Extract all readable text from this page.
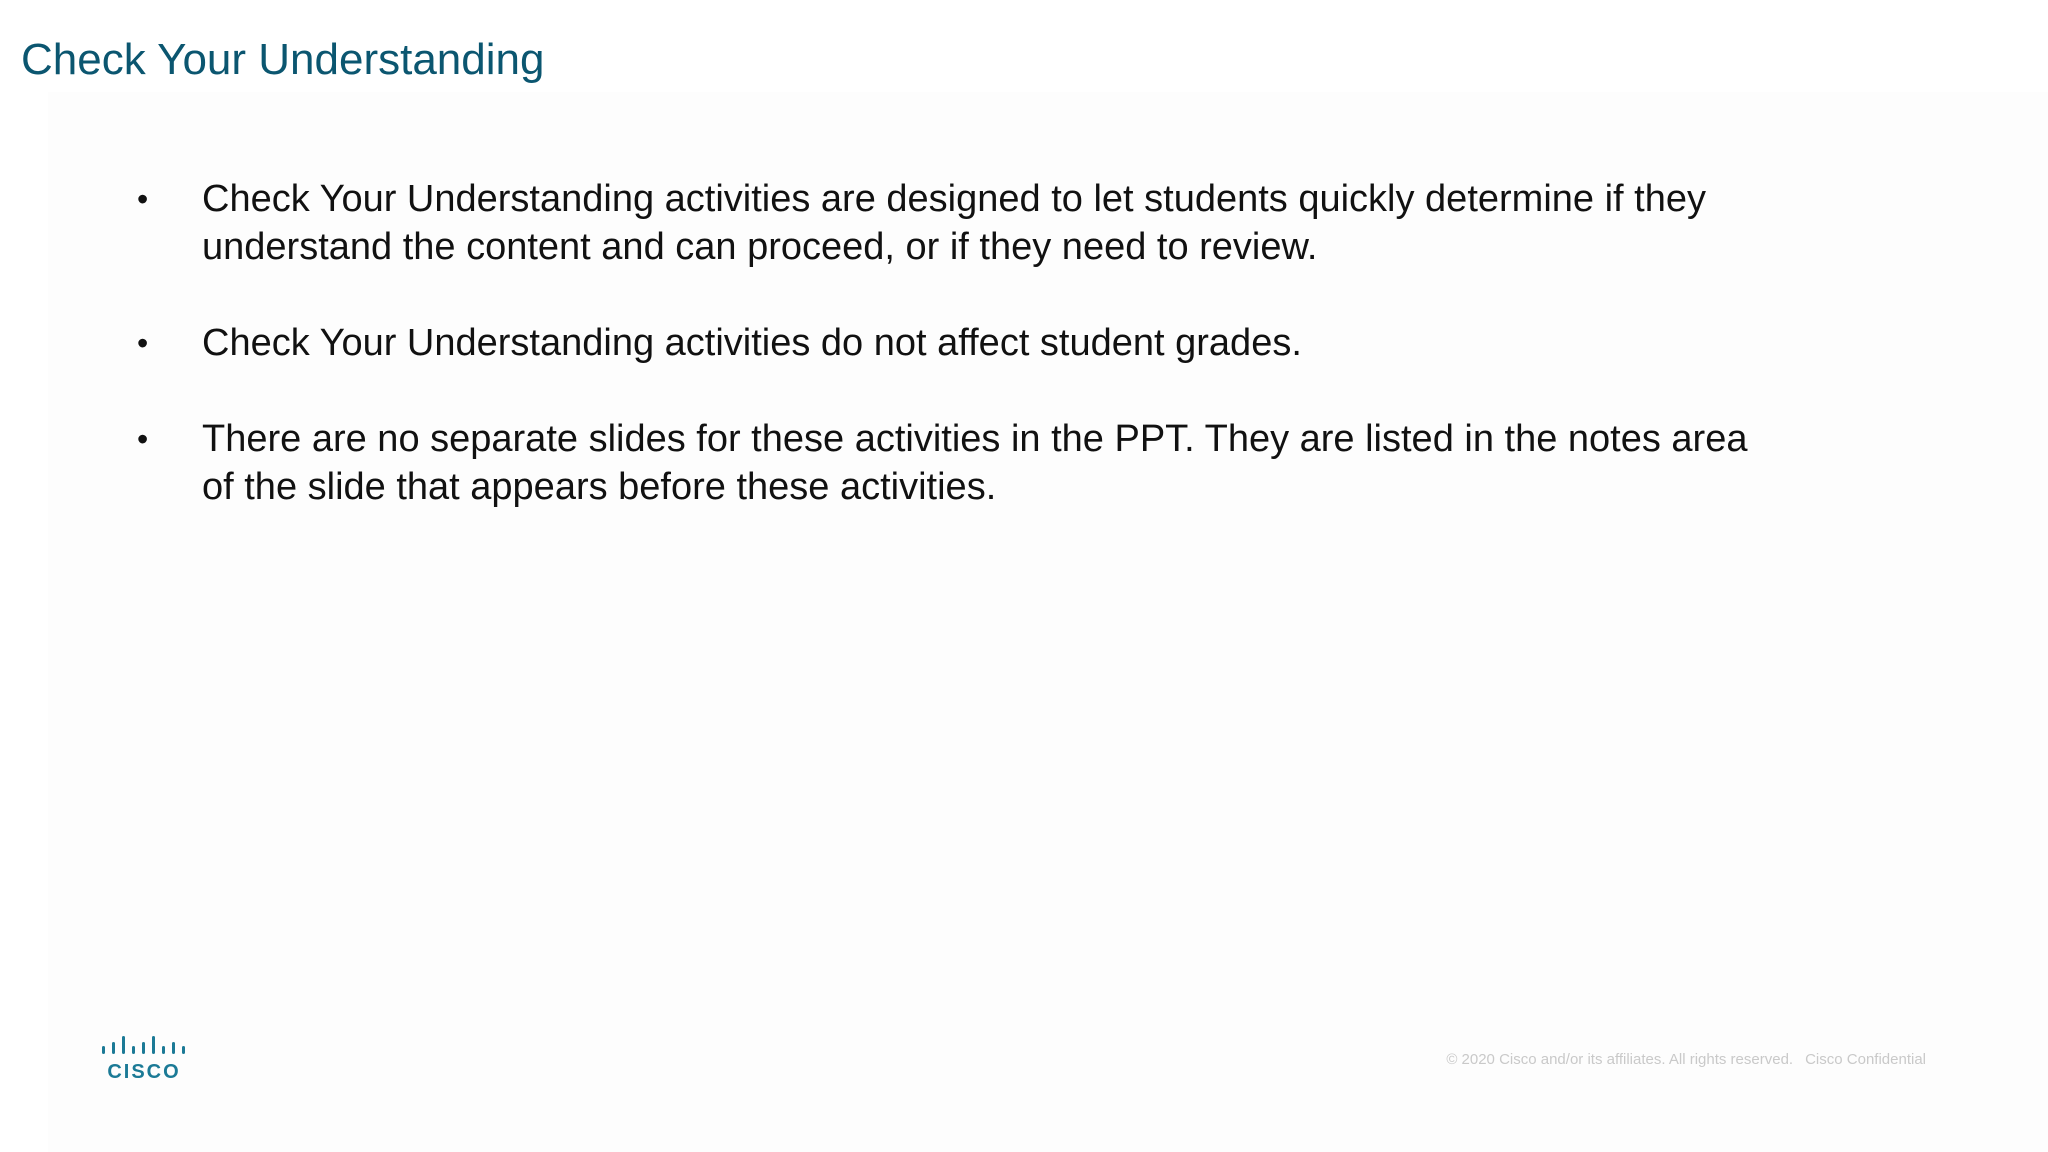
Check Your Understanding
• Check Your Understanding activities are designed to let students quickly determine if they
understand the content and can proceed, or if they need to review.
• Check Your Understanding activities do not affect student grades.
• There are no separate slides for these activities in the PPT. They are listed in the notes area
of the slide that appears before these activities.
CISCO
© 2020 Cisco and/or its affiliates. All rights reserved. Cisco Confidential
